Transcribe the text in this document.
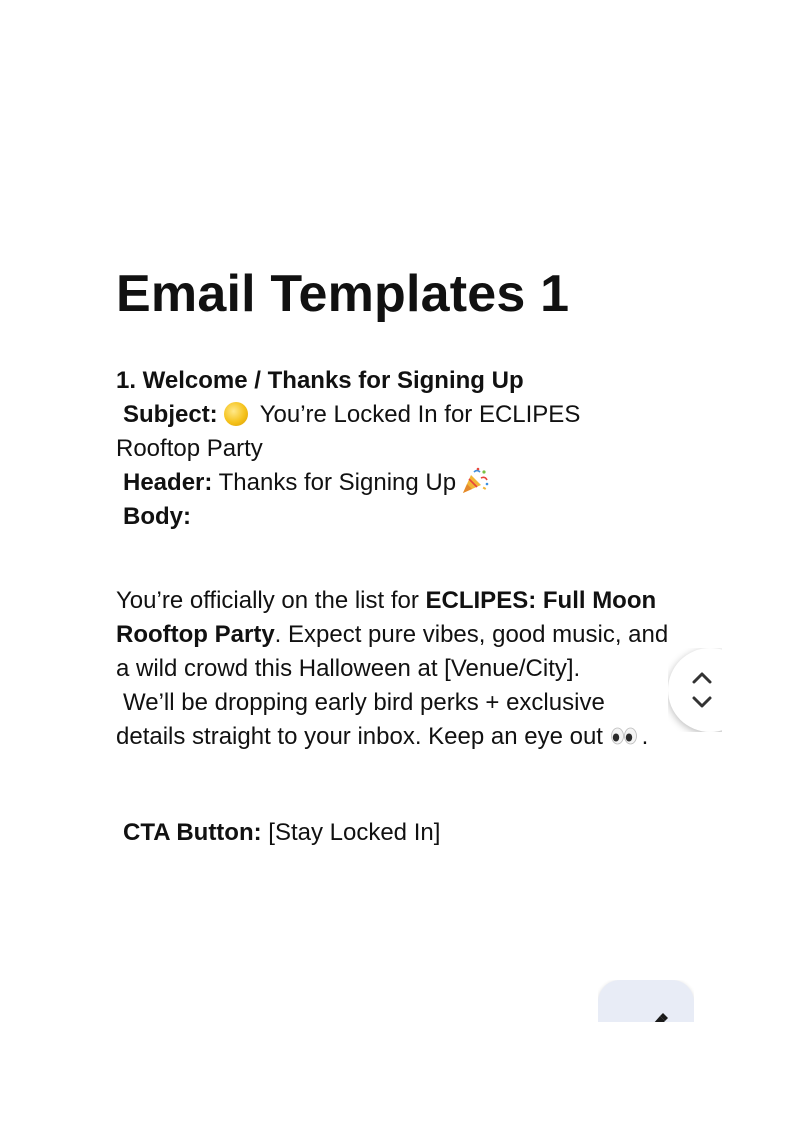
Email Templates 1

1. Welcome / Thanks for Signing Up

Subject: You’re Locked In for ECLIPES

Rooftop Party

Header: Thanks for Signing Up

Body:

You’re officially on the list for ECLIPES: Full Moon Rooftop Party. Expect pure vibes, good music, and a wild crowd this Halloween at [Venue/City].

We’ll be dropping early bird perks + exclusive details straight to your inbox. Keep an eye out .

CTA Button: [Stay Locked In]
